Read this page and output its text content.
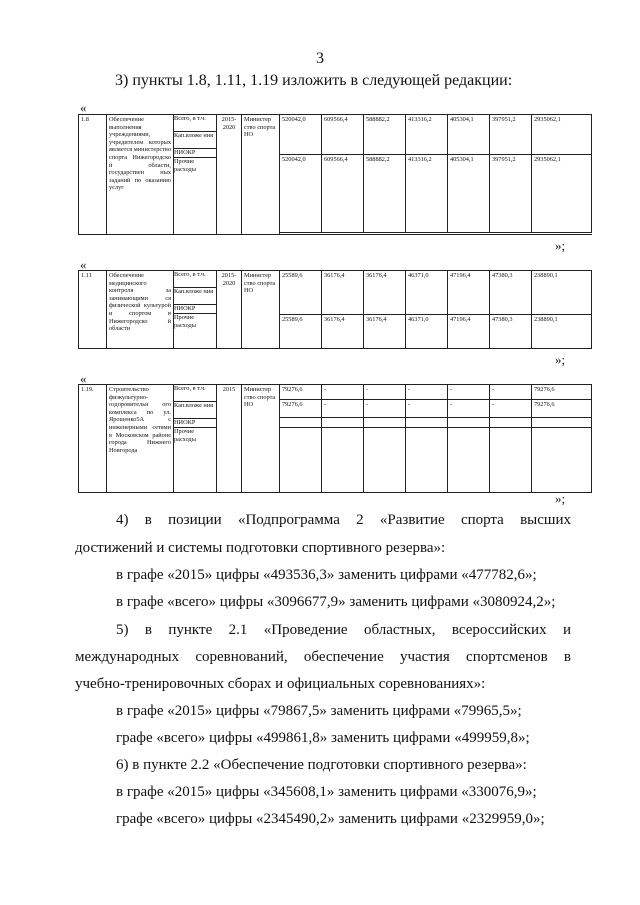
3
3) пункты 1.8, 1.11, 1.19 изложить в следующей редакции:
«
1.8	Обеспечение выполнения учреждениями, учредителем которых является министерство спорта Нижегородско й области, государствен ных заданий по оказанию услуг	Всего, в т.ч.
Кап.вложе ния
НИОКР
Прочие расходы	2015-2020	Министер ство спорта НО	520042,0	609566,4	588882,2	413316,2	405304,1	397951,2	2935062,1
					520042,0	609566,4	588882,2	413316,2	405304,1	397951,2	2935062,1

»;
«
1.11	Обеспечение медицинского контроля за занимающими ся физической культурой и спортом в Нижегородско й области	Всего, в т.ч.
Кап.вложе ния
НИОКР
Прочие расходы	2015-2020	Министер ство спорта НО	25589,6	36176,4	36176,4	46371,0	47196,4	47380,3	238890,1
					25589,6	36176,4	36176,4	46371,0	47196,4	47380,3	238890,1
»;
«
1.19.	Строительство физкультурно-оздоровительн ого комплекса по ул. Ярошенко5А с инженерными сетями в Московском районе города Нижнего Новгорода	Всего, в т.ч.
Кап.вложе ния
НИОКР
Прочие расходы	2015	Министер ство спорта НО	79276,6	-	-	-	-	-	79276,6
					79276,6	-	-	-	-	-	79276,6

»;
4) в позиции «Подпрограмма 2 «Развитие спорта высших
достижений и системы подготовки спортивного резерва»:
в графе «2015» цифры «493536,3» заменить цифрами «477782,6»;
в графе «всего» цифры «3096677,9» заменить цифрами «3080924,2»;
5) в пункте 2.1 «Проведение областных, всероссийских и
международных соревнований, обеспечение участия спортсменов в
учебно-тренировочных сборах и официальных соревнованиях»:
в графе «2015» цифры «79867,5» заменить цифрами «79965,5»;
графе «всего» цифры «499861,8» заменить цифрами «499959,8»;
6) в пункте 2.2 «Обеспечение подготовки спортивного резерва»:
в графе «2015» цифры «345608,1» заменить цифрами «330076,9»;
графе «всего» цифры «2345490,2» заменить цифрами «2329959,0»;
